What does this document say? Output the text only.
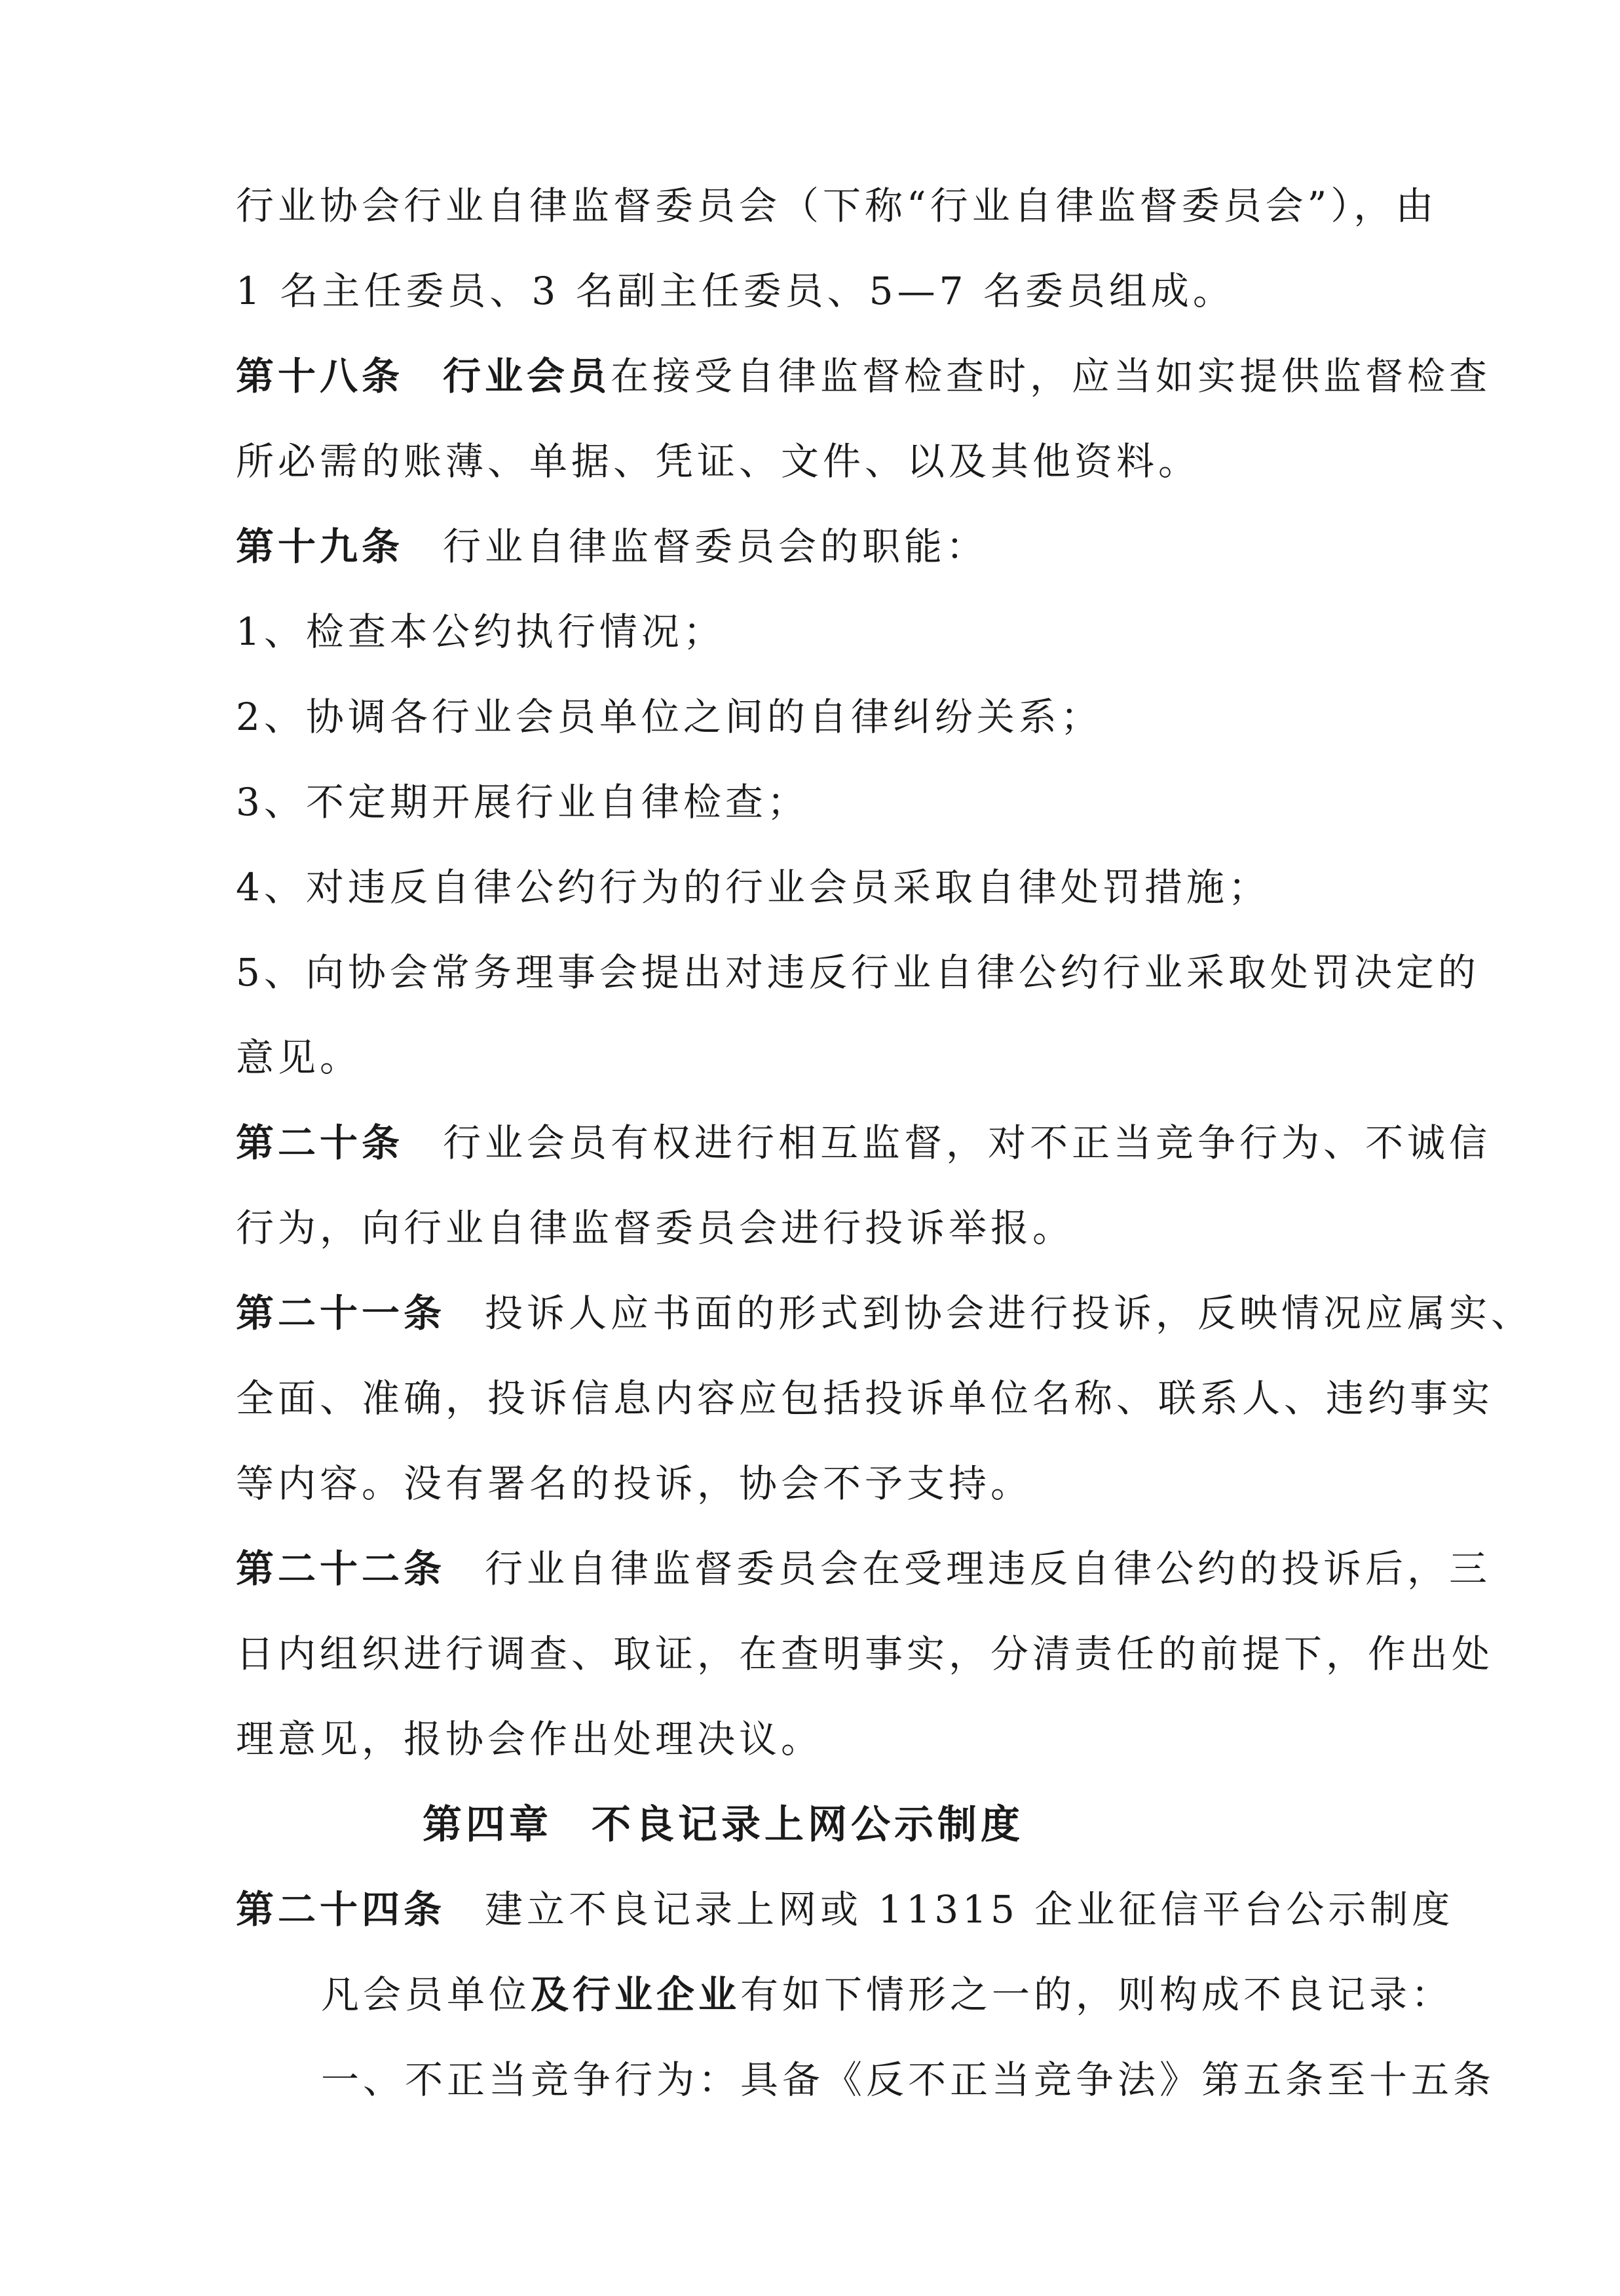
行业协会行业自律监督委员会（下称“行业自律监督委员会”），由
1 名主任委员、3 名副主任委员、5—7 名委员组成。
第十八条 行业会员在接受自律监督检查时，应当如实提供监督检查
所必需的账薄、单据、凭证、文件、以及其他资料。
第十九条 行业自律监督委员会的职能：
1、检查本公约执行情况；
2、协调各行业会员单位之间的自律纠纷关系；
3、不定期开展行业自律检查；
4、对违反自律公约行为的行业会员采取自律处罚措施；
5、向协会常务理事会提出对违反行业自律公约行业采取处罚决定的
意见。
第二十条 行业会员有权进行相互监督，对不正当竞争行为、不诚信
行为，向行业自律监督委员会进行投诉举报。
第二十一条 投诉人应书面的形式到协会进行投诉，反映情况应属实、
全面、准确，投诉信息内容应包括投诉单位名称、联系人、违约事实
等内容。没有署名的投诉，协会不予支持。
第二十二条 行业自律监督委员会在受理违反自律公约的投诉后，三
日内组织进行调查、取证，在查明事实，分清责任的前提下，作出处
理意见，报协会作出处理决议。
第四章 不良记录上网公示制度
第二十四条 建立不良记录上网或 11315 企业征信平台公示制度
凡会员单位及行业企业有如下情形之一的，则构成不良记录：
一、不正当竞争行为：具备《反不正当竞争法》第五条至十五条
